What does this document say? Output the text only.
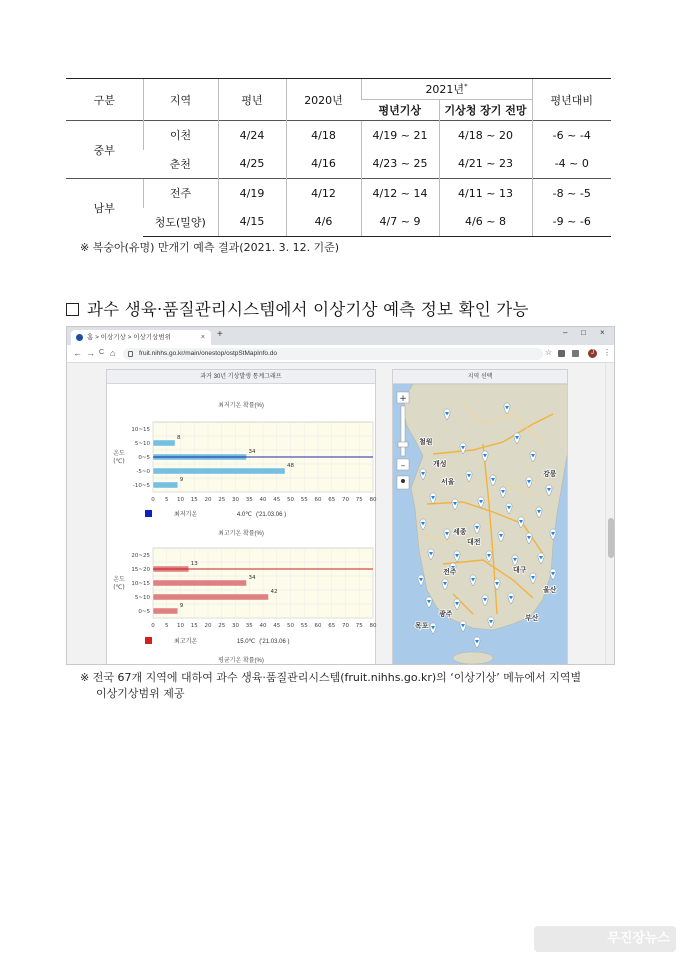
구분	지역	평년	2020년	2021년*		평년대비
				평년기상	기상청 장기 전망	
중부	이천	4/24	4/18	4/19 ~ 21	4/18 ~ 20	-6 ~ -4
	춘천	4/25	4/16	4/23 ~ 25	4/21 ~ 23	-4 ~ 0
남부	전주	4/19	4/12	4/12 ~ 14	4/11 ~ 13	-8 ~ -5
	청도(밀양)	4/15	4/6	4/7 ~ 9	4/6 ~ 8	-9 ~ -6
※ 복숭아(유명) 만개기 예측 결과(2021. 3. 12. 기준)
과수 생육·품질관리시스템에서 이상기상 예측 정보 확인 가능
홈 > 이상기상 > 이상기상범위	× +	– □ ×
← → C ⌂	fruit.nihhs.go.kr/main/onestop/ostpStMapInfo.do	☆	J	⋮
과거 30년 기상발생 통계그래프
최저기온 확률(%)
0 5 10 15 20 25 30 35 40 45 50 55 60 65 70 75 80
10~15
5~10
8
0~5
34
-5~0
48
-10~5
9
온도
(℃)
최저기온	4.0℃ ('21.03.06 )
최고기온 확률(%)
0 5 10 15 20 25 30 35 40 45 50 55 60 65 70 75 80
20~25
15~20
13
10~15
34
5~10
42
0~5
9
온도
(℃)
최고기온	15.0℃ ('21.03.06 )
평균기온 확률(%)
지역 선택
+
–
철원
개성
서울
강릉
세종
대전
전주	대구
울산
광주	부산
목포
※ 전국 67개 지역에 대하여 과수 생육·품질관리시스템(fruit.nihhs.go.kr)의 ‘이상기상’ 메뉴에서 지역별
이상기상범위 제공
무진장뉴스
